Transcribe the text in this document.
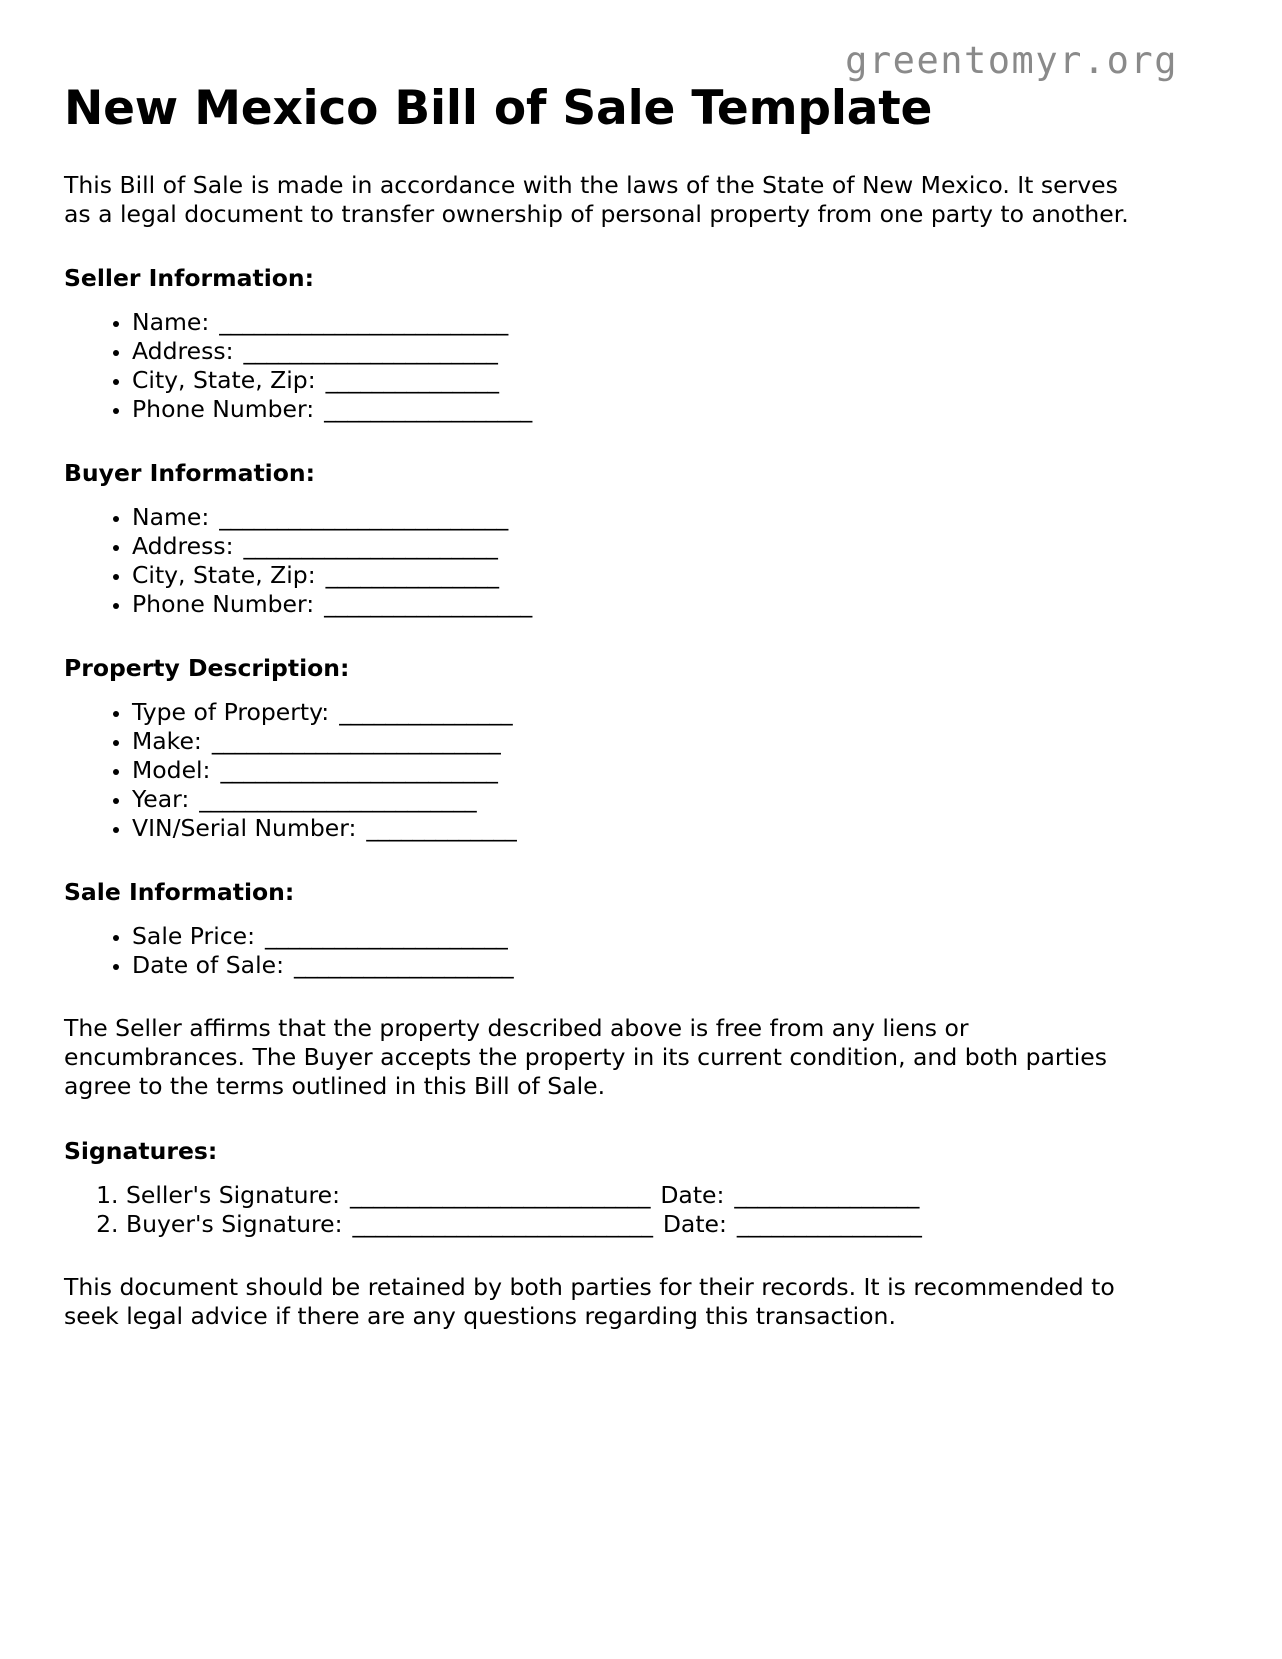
greentomyr.org
New Mexico Bill of Sale Template

This Bill of Sale is made in accordance with the laws of the State of New Mexico. It serves as a legal document to transfer ownership of personal property from one party to another.

Seller Information:
• Name: _________________________
• Address: ______________________
• City, State, Zip: _______________
• Phone Number: __________________
Buyer Information:
• Name: _________________________
• Address: ______________________
• City, State, Zip: _______________
• Phone Number: __________________
Property Description:
• Type of Property: _______________
• Make: _________________________
• Model: ________________________
• Year: ________________________
• VIN/Serial Number: _____________
Sale Information:
• Sale Price: _____________________
• Date of Sale: ___________________

The Seller affirms that the property described above is free from any liens or encumbrances. The Buyer accepts the property in its current condition, and both parties agree to the terms outlined in this Bill of Sale.

Signatures:
1. Seller's Signature: __________________________ Date: ________________
2. Buyer's Signature: __________________________ Date: ________________

This document should be retained by both parties for their records. It is recommended to seek legal advice if there are any questions regarding this transaction.
